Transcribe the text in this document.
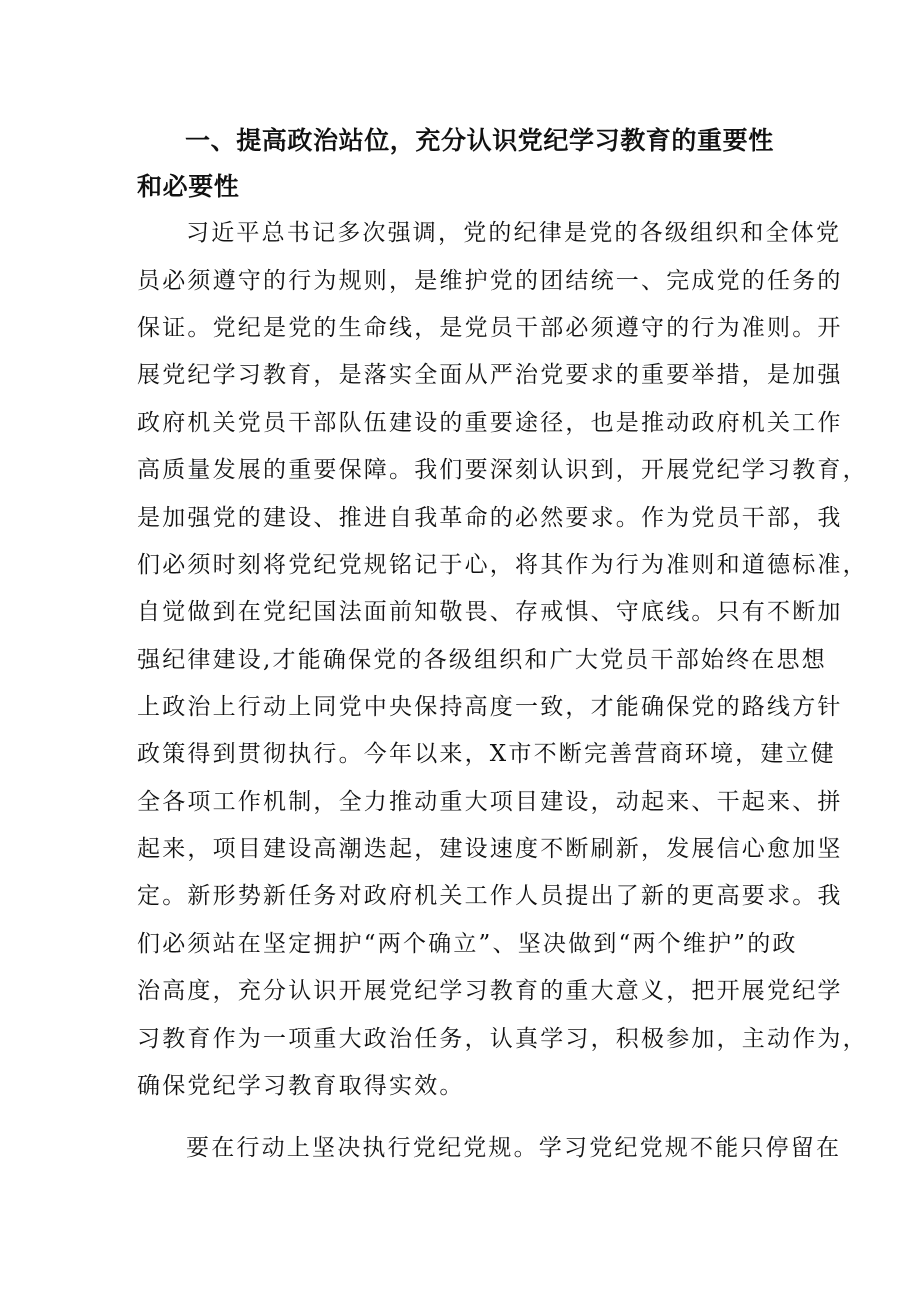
一、提高政治站位，充分认识党纪学习教育的重要性和必要性

习近平总书记多次强调，党的纪律是党的各级组织和全体党

员必须遵守的行为规则，是维护党的团结统一、完成党的任务的

保证。党纪是党的生命线，是党员干部必须遵守的行为准则。开

展党纪学习教育，是落实全面从严治党要求的重要举措，是加强

政府机关党员干部队伍建设的重要途径，也是推动政府机关工作

高质量发展的重要保障。我们要深刻认识到，开展党纪学习教育，

是加强党的建设、推进自我革命的必然要求。作为党员干部，我

们必须时刻将党纪党规铭记于心，将其作为行为准则和道德标准，

自觉做到在党纪国法面前知敬畏、存戒惧、守底线。只有不断加

强纪律建设,才能确保党的各级组织和广大党员干部始终在思想

上政治上行动上同党中央保持高度一致，才能确保党的路线方针

政策得到贯彻执行。今年以来，X市不断完善营商环境，建立健

全各项工作机制，全力推动重大项目建设，动起来、干起来、拼

起来，项目建设高潮迭起，建设速度不断刷新，发展信心愈加坚

定。新形势新任务对政府机关工作人员提出了新的更高要求。我

们必须站在坚定拥护“两个确立”、坚决做到“两个维护”的政

治高度，充分认识开展党纪学习教育的重大意义，把开展党纪学

习教育作为一项重大政治任务，认真学习，积极参加，主动作为，

确保党纪学习教育取得实效。

要在行动上坚决执行党纪党规。学习党纪党规不能只停留在
